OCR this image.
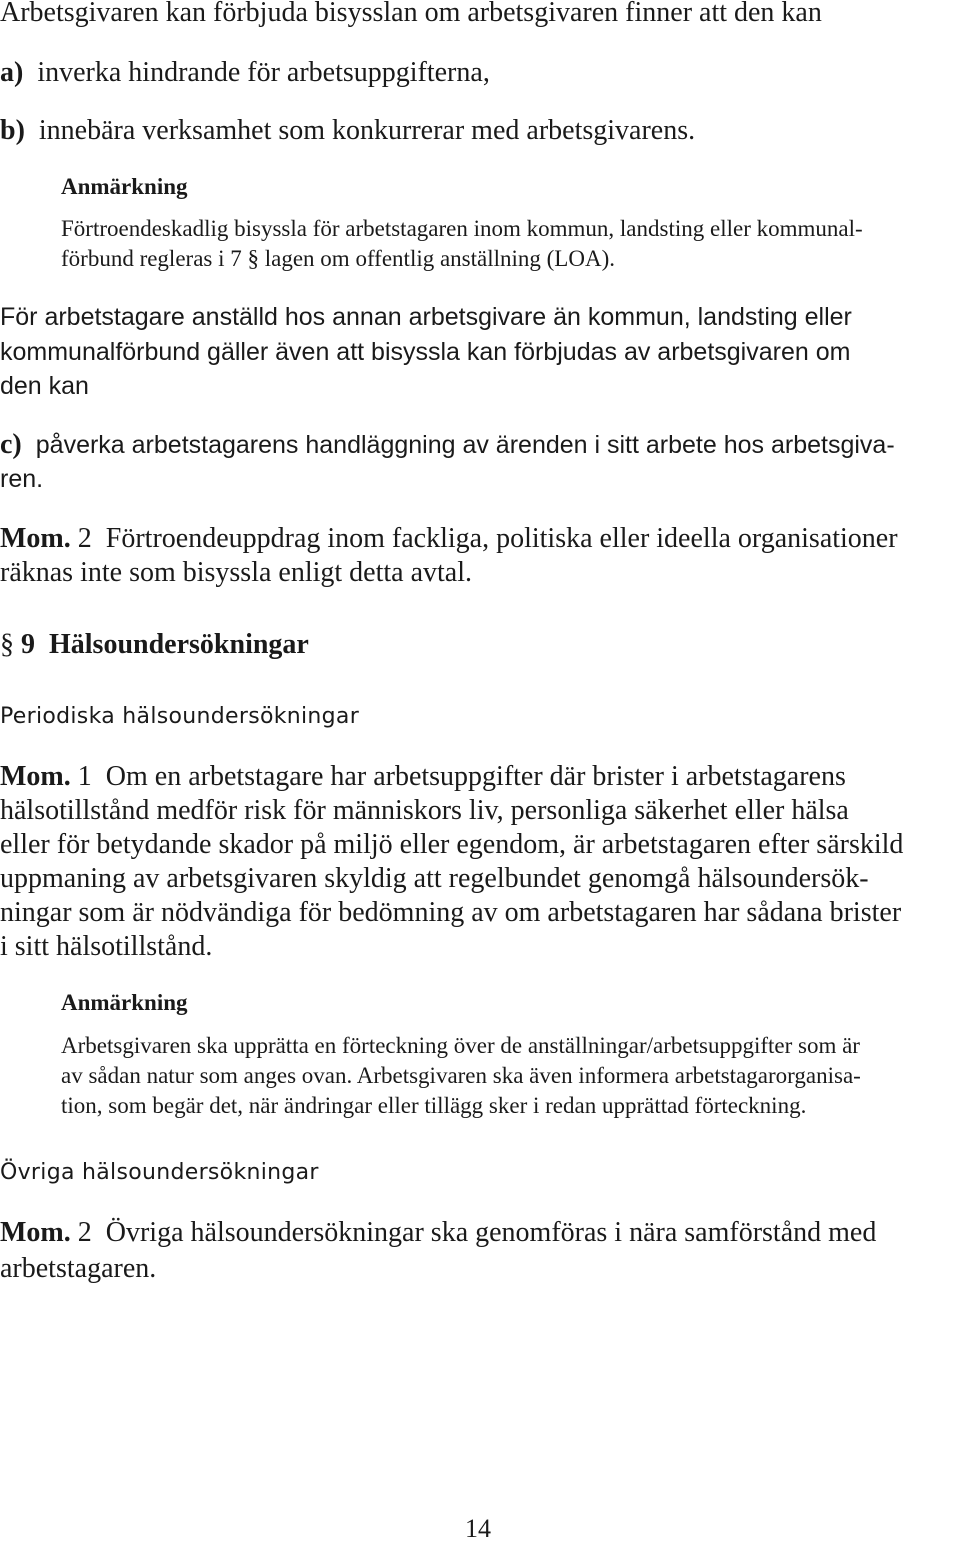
Arbetsgivaren kan förbjuda bisysslan om arbetsgivaren finner att den kan

a) inverka hindrande för arbetsuppgifterna,

b) innebära verksamhet som konkurrerar med arbetsgivarens.

Anmärkning

Förtroendeskadlig bisyssla för arbetstagaren inom kommun, landsting eller kommunal-

förbund regleras i 7 § lagen om offentlig anställning (LOA).

För arbetstagare anställd hos annan arbetsgivare än kommun, landsting eller

kommunalförbund gäller även att bisyssla kan förbjudas av arbetsgivaren om

den kan

c) påverka arbetstagarens handläggning av ärenden i sitt arbete hos arbetsgiva-

ren.

Mom. 2 Förtroendeuppdrag inom fackliga, politiska eller ideella organisationer

räknas inte som bisyssla enligt detta avtal.

§ 9 Hälsoundersökningar

Periodiska hälsoundersökningar

Mom. 1 Om en arbetstagare har arbetsuppgifter där brister i arbetstagarens

hälsotillstånd medför risk för människors liv, personliga säkerhet eller hälsa

eller för betydande skador på miljö eller egendom, är arbetstagaren efter särskild

uppmaning av arbetsgivaren skyldig att regelbundet genomgå hälsoundersök-

ningar som är nödvändiga för bedömning av om arbetstagaren har sådana brister

i sitt hälsotillstånd.

Anmärkning

Arbetsgivaren ska upprätta en förteckning över de anställningar/arbetsuppgifter som är

av sådan natur som anges ovan. Arbetsgivaren ska även informera arbetstagarorganisa-

tion, som begär det, när ändringar eller tillägg sker i redan upprättad förteckning.

Övriga hälsoundersökningar

Mom. 2 Övriga hälsoundersökningar ska genomföras i nära samförstånd med

arbetstagaren.

14
